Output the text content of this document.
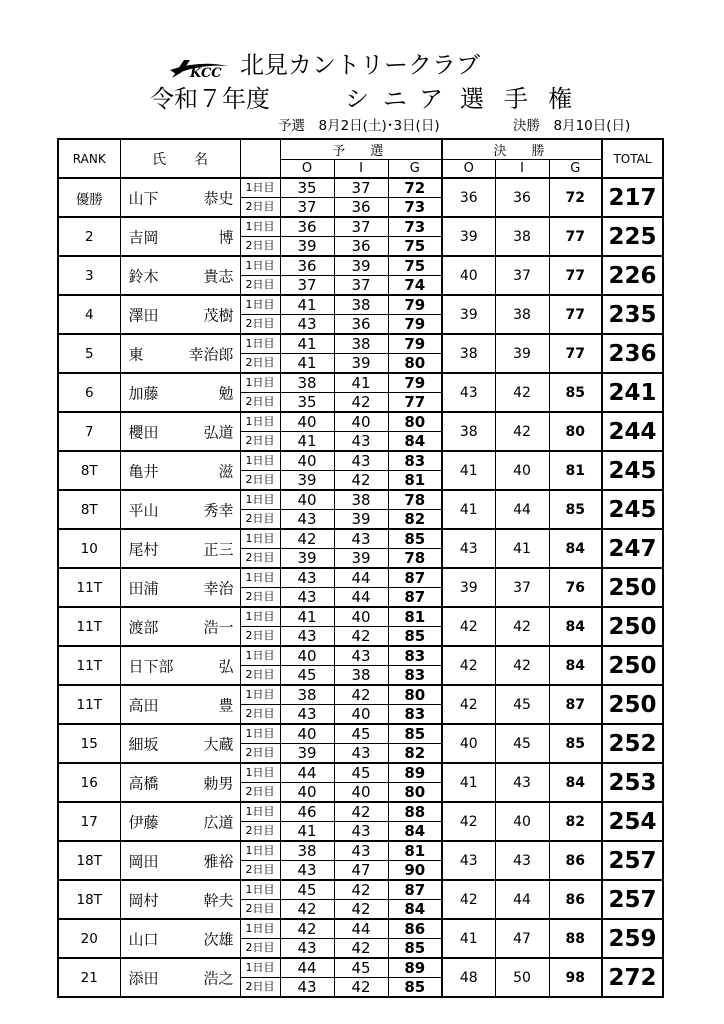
KCC 北見カントリークラブ
令和７年度	シ ニ ア 選 手 権
予選　8月2日(土)･3日(日)	決勝　8月10日(日)
RANK	氏　　名		予　選			決　勝			TOTAL
			O	I	G	O	I	G	
優勝	山下 恭史	1日目	35	37	72	36	36	72	217
		2日目	37	36	73				
2	吉岡 博	1日目	36	37	73	39	38	77	225
		2日目	39	36	75				
3	鈴木 貴志	1日目	36	39	75	40	37	77	226
		2日目	37	37	74				
4	澤田 茂樹	1日目	41	38	79	39	38	77	235
		2日目	43	36	79				
5	東 幸治郎	1日目	41	38	79	38	39	77	236
		2日目	41	39	80				
6	加藤 勉	1日目	38	41	79	43	42	85	241
		2日目	35	42	77				
7	櫻田 弘道	1日目	40	40	80	38	42	80	244
		2日目	41	43	84				
8T	亀井 滋	1日目	40	43	83	41	40	81	245
		2日目	39	42	81				
8T	平山 秀幸	1日目	40	38	78	41	44	85	245
		2日目	43	39	82				
10	尾村 正三	1日目	42	43	85	43	41	84	247
		2日目	39	39	78				
11T	田浦 幸治	1日目	43	44	87	39	37	76	250
		2日目	43	44	87				
11T	渡部 浩一	1日目	41	40	81	42	42	84	250
		2日目	43	42	85				
11T	日下部 弘	1日目	40	43	83	42	42	84	250
		2日目	45	38	83				
11T	高田 豊	1日目	38	42	80	42	45	87	250
		2日目	43	40	83				
15	細坂 大蔵	1日目	40	45	85	40	45	85	252
		2日目	39	43	82				
16	高橋 勅男	1日目	44	45	89	41	43	84	253
		2日目	40	40	80				
17	伊藤 広道	1日目	46	42	88	42	40	82	254
		2日目	41	43	84				
18T	岡田 雅裕	1日目	38	43	81	43	43	86	257
		2日目	43	47	90				
18T	岡村 幹夫	1日目	45	42	87	42	44	86	257
		2日目	42	42	84				
20	山口 次雄	1日目	42	44	86	41	47	88	259
		2日目	43	42	85				
21	添田 浩之	1日目	44	45	89	48	50	98	272
		2日目	43	42	85				
